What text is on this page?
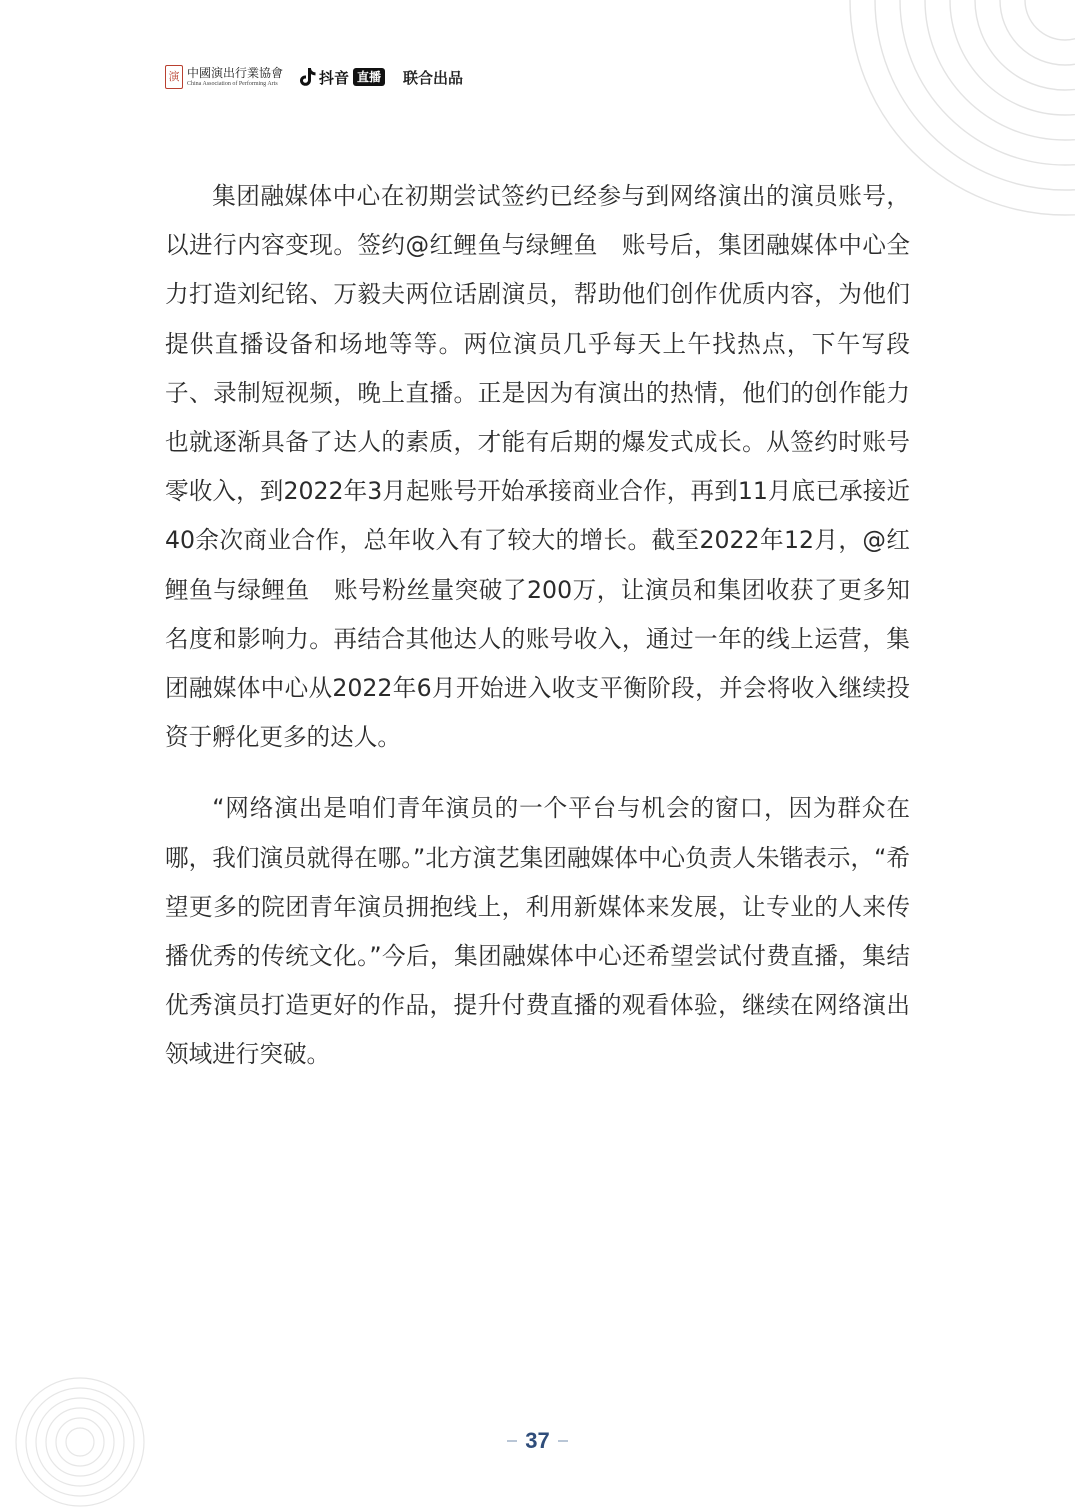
演 中國演出行業協會
China Association of Performing Arts	抖音 直播 联合出品

集团融媒体中心在初期尝试签约已经参与到网络演出的演员账号，以进行内容变现。签约@红鲤鱼与绿鲤鱼　账号后，集团融媒体中心全力打造刘纪铭、万毅夫两位话剧演员，帮助他们创作优质内容，为他们提供直播设备和场地等等。两位演员几乎每天上午找热点，下午写段子、录制短视频，晚上直播。正是因为有演出的热情，他们的创作能力也就逐渐具备了达人的素质，才能有后期的爆发式成长。从签约时账号零收入，到2022年3月起账号开始承接商业合作，再到11月底已承接近40余次商业合作，总年收入有了较大的增长。截至2022年12月，@红鲤鱼与绿鲤鱼　账号粉丝量突破了200万，让演员和集团收获了更多知名度和影响力。再结合其他达人的账号收入，通过一年的线上运营，集团融媒体中心从2022年6月开始进入收支平衡阶段，并会将收入继续投资于孵化更多的达人。

“网络演出是咱们青年演员的一个平台与机会的窗口，因为群众在哪，我们演员就得在哪。”北方演艺集团融媒体中心负责人朱锴表示，“希望更多的院团青年演员拥抱线上，利用新媒体来发展，让专业的人来传播优秀的传统文化。”今后，集团融媒体中心还希望尝试付费直播，集结优秀演员打造更好的作品，提升付费直播的观看体验，继续在网络演出领域进行突破。

37
